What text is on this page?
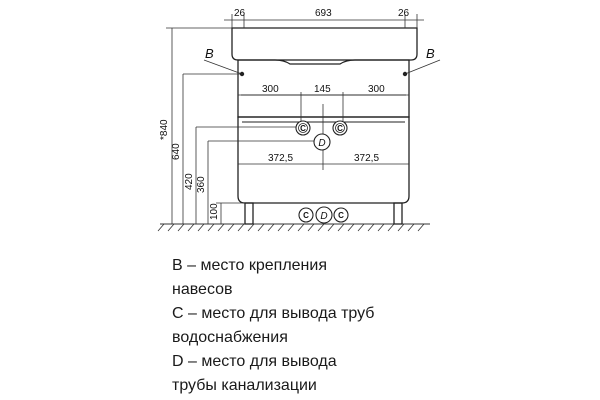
26	693	26
300	145	300
372,5	372,5
*840
640
420 360
100
B	B
C	C
C	C
D
D
B – место крепления
навесов
C – место для вывода труб
водоснабжения
D – место для вывода
трубы канализации
